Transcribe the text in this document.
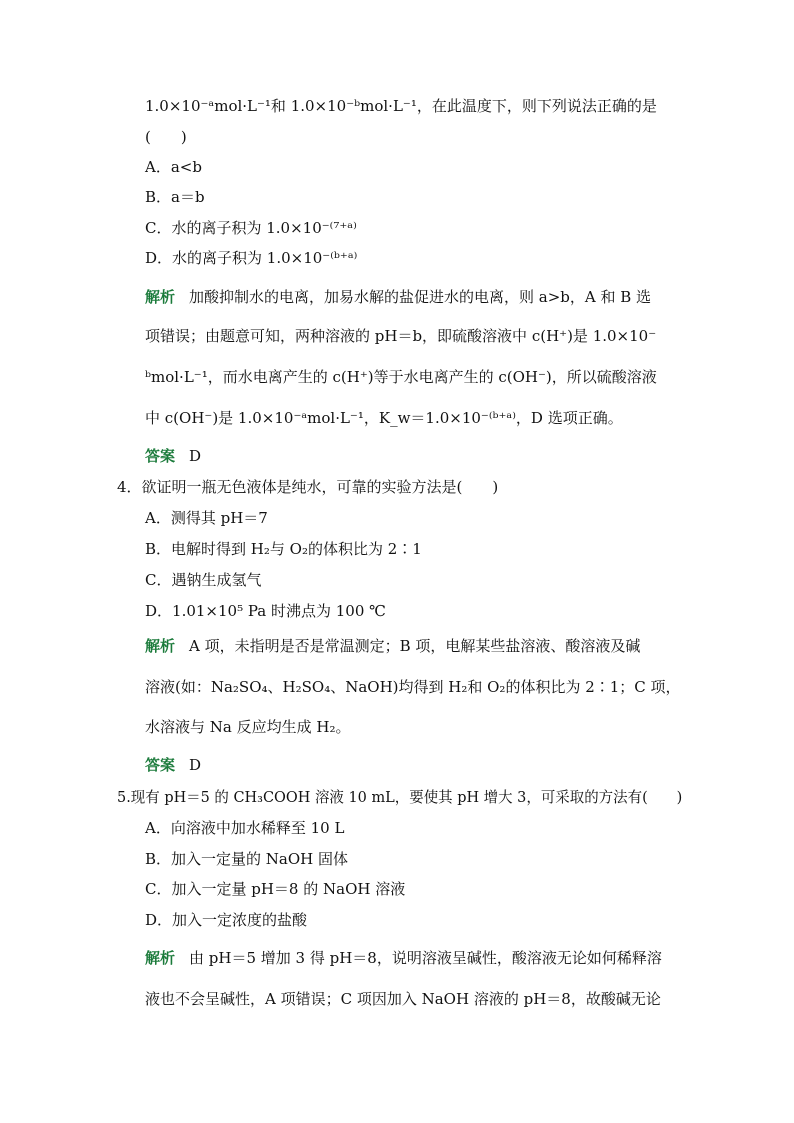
1.0×10⁻ᵃmol·L⁻¹和 1.0×10⁻ᵇmol·L⁻¹，在此温度下，则下列说法正确的是
(　　)
A．a<b
B．a＝b
C．水的离子积为 1.0×10⁻⁽⁷⁺ᵃ⁾
D．水的离子积为 1.0×10⁻⁽ᵇ⁺ᵃ⁾
解析 加酸抑制水的电离，加易水解的盐促进水的电离，则 a>b，A 和 B 选
项错误；由题意可知，两种溶液的 pH＝b，即硫酸溶液中 c(H⁺)是 1.0×10⁻
ᵇmol·L⁻¹，而水电离产生的 c(H⁺)等于水电离产生的 c(OH⁻)，所以硫酸溶液
中 c(OH⁻)是 1.0×10⁻ᵃmol·L⁻¹，K_w＝1.0×10⁻⁽ᵇ⁺ᵃ⁾，D 选项正确。
答案 D
4．欲证明一瓶无色液体是纯水，可靠的实验方法是(　　)
A．测得其 pH＝7
B．电解时得到 H₂与 O₂的体积比为 2∶1
C．遇钠生成氢气
D．1.01×10⁵ Pa 时沸点为 100 ℃
解析 A 项，未指明是否是常温测定；B 项，电解某些盐溶液、酸溶液及碱
溶液(如：Na₂SO₄、H₂SO₄、NaOH)均得到 H₂和 O₂的体积比为 2∶1；C 项，
水溶液与 Na 反应均生成 H₂。
答案 D
5.现有 pH＝5 的 CH₃COOH 溶液 10 mL，要使其 pH 增大 3，可采取的方法有(　　)
A．向溶液中加水稀释至 10 L
B．加入一定量的 NaOH 固体
C．加入一定量 pH＝8 的 NaOH 溶液
D．加入一定浓度的盐酸
解析 由 pH＝5 增加 3 得 pH＝8，说明溶液呈碱性，酸溶液无论如何稀释溶
液也不会呈碱性，A 项错误；C 项因加入 NaOH 溶液的 pH＝8，故酸碱无论
